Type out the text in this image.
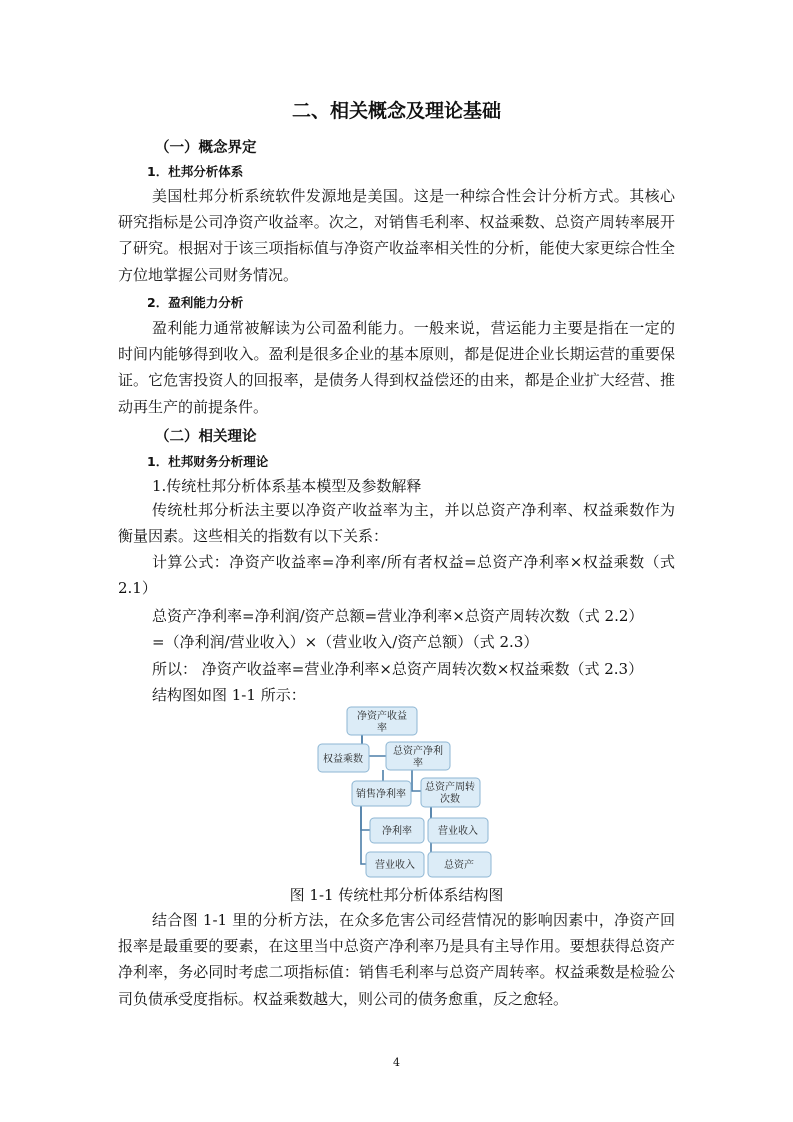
二、相关概念及理论基础
（一）概念界定
1．杜邦分析体系

美国杜邦分析系统软件发源地是美国。这是一种综合性会计分析方式。其核心研究指标是公司净资产收益率。次之，对销售毛利率、权益乘数、总资产周转率展开了研究。根据对于该三项指标值与净资产收益率相关性的分析，能使大家更综合性全方位地掌握公司财务情况。

2．盈利能力分析

盈利能力通常被解读为公司盈利能力。一般来说，营运能力主要是指在一定的时间内能够得到收入。盈利是很多企业的基本原则，都是促进企业长期运营的重要保证。它危害投资人的回报率，是债务人得到权益偿还的由来，都是企业扩大经营、推动再生产的前提条件。

（二）相关理论
1．杜邦财务分析理论
1.传统杜邦分析体系基本模型及参数解释

传统杜邦分析法主要以净资产收益率为主，并以总资产净利率、权益乘数作为衡量因素。这些相关的指数有以下关系：

计算公式：净资产收益率=净利率/所有者权益=总资产净利率×权益乘数（式2.1）

总资产净利率=净利润/资产总额=营业净利率×总资产周转次数（式 2.2）
=（净利润/营业收入）×（营业收入/资产总额）（式 2.3）
所以： 净资产收益率=营业净利率×总资产周转次数×权益乘数（式 2.3）
结构图如图 1-1 所示：
净资产收益
率
权益乘数
总资产净利
率
销售净利率
总资产周转
次数
净利率	营业收入
营业收入	总资产
图 1-1 传统杜邦分析体系结构图

结合图 1-1 里的分析方法，在众多危害公司经营情况的影响因素中，净资产回报率是最重要的要素，在这里当中总资产净利率乃是具有主导作用。要想获得总资产净利率，务必同时考虑二项指标值：销售毛利率与总资产周转率。权益乘数是检验公司负债承受度指标。权益乘数越大，则公司的债务愈重，反之愈轻。

4
